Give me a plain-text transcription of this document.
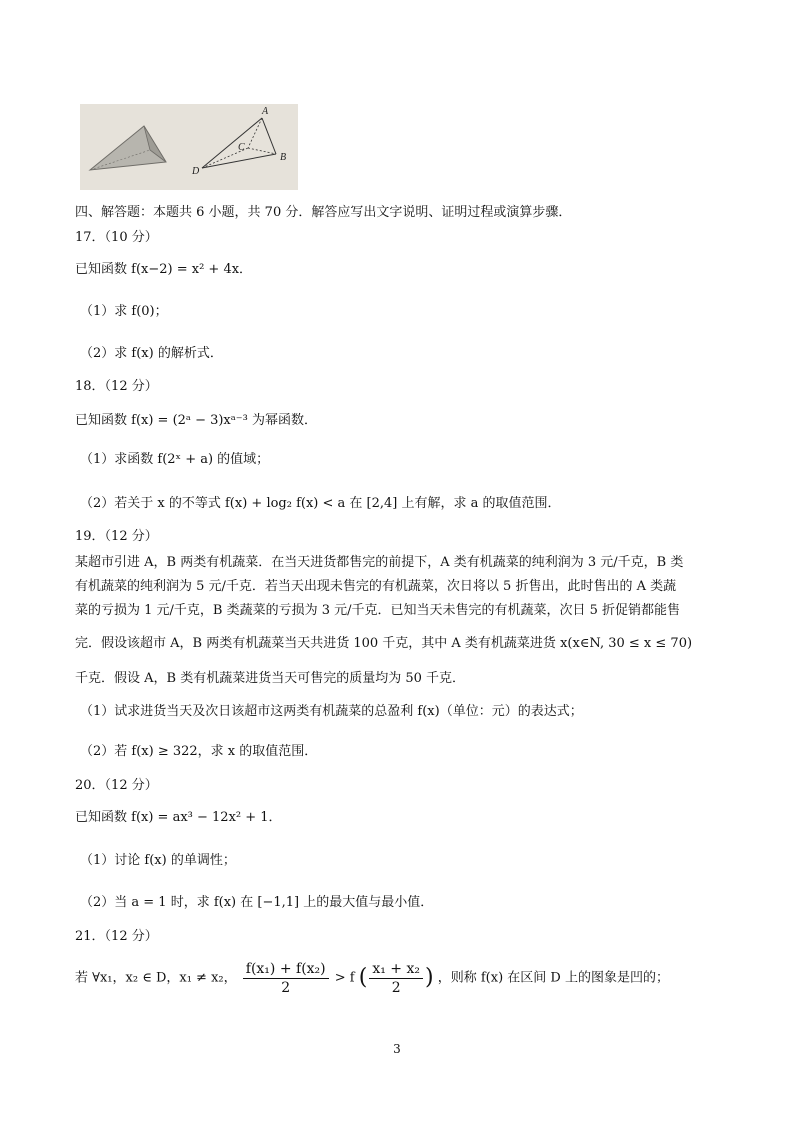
A
C
B
D
四、解答题：本题共 6 小题，共 70 分．解答应写出文字说明、证明过程或演算步骤．
17．（10 分）
已知函数 f(x−2) = x² + 4x．
（1）求 f(0)；
（2）求 f(x) 的解析式．
18．（12 分）
已知函数 f(x) = (2ᵃ − 3)xᵃ⁻³ 为幂函数．
（1）求函数 f(2ˣ + a) 的值域；
（2）若关于 x 的不等式 f(x) + log₂ f(x) < a 在 [2,4] 上有解，求 a 的取值范围．
19．（12 分）
某超市引进 A，B 两类有机蔬菜．在当天进货都售完的前提下，A 类有机蔬菜的纯利润为 3 元/千克，B 类
有机蔬菜的纯利润为 5 元/千克．若当天出现未售完的有机蔬菜，次日将以 5 折售出，此时售出的 A 类蔬
菜的亏损为 1 元/千克，B 类蔬菜的亏损为 3 元/千克．已知当天未售完的有机蔬菜，次日 5 折促销都能售
完．假设该超市 A，B 两类有机蔬菜当天共进货 100 千克，其中 A 类有机蔬菜进货 x(x∈N, 30 ≤ x ≤ 70)
千克．假设 A，B 类有机蔬菜进货当天可售完的质量均为 50 千克．
（1）试求进货当天及次日该超市这两类有机蔬菜的总盈利 f(x)（单位：元）的表达式；
（2）若 f(x) ≥ 322，求 x 的取值范围．
20．（12 分）
已知函数 f(x) = ax³ − 12x² + 1．
（1）讨论 f(x) 的单调性；
（2）当 a = 1 时，求 f(x) 在 [−1,1] 上的最大值与最小值．
21．（12 分）
若 ∀x₁，x₂ ∈ D，x₁ ≠ x₂， $\frac{\text{f(x₁) + f(x₂)}}{2} > f$ ( $\frac{\text{x₁ + x₂}}{2}$ ) ，则称 f(x) 在区间 D 上的图象是凹的；
3
